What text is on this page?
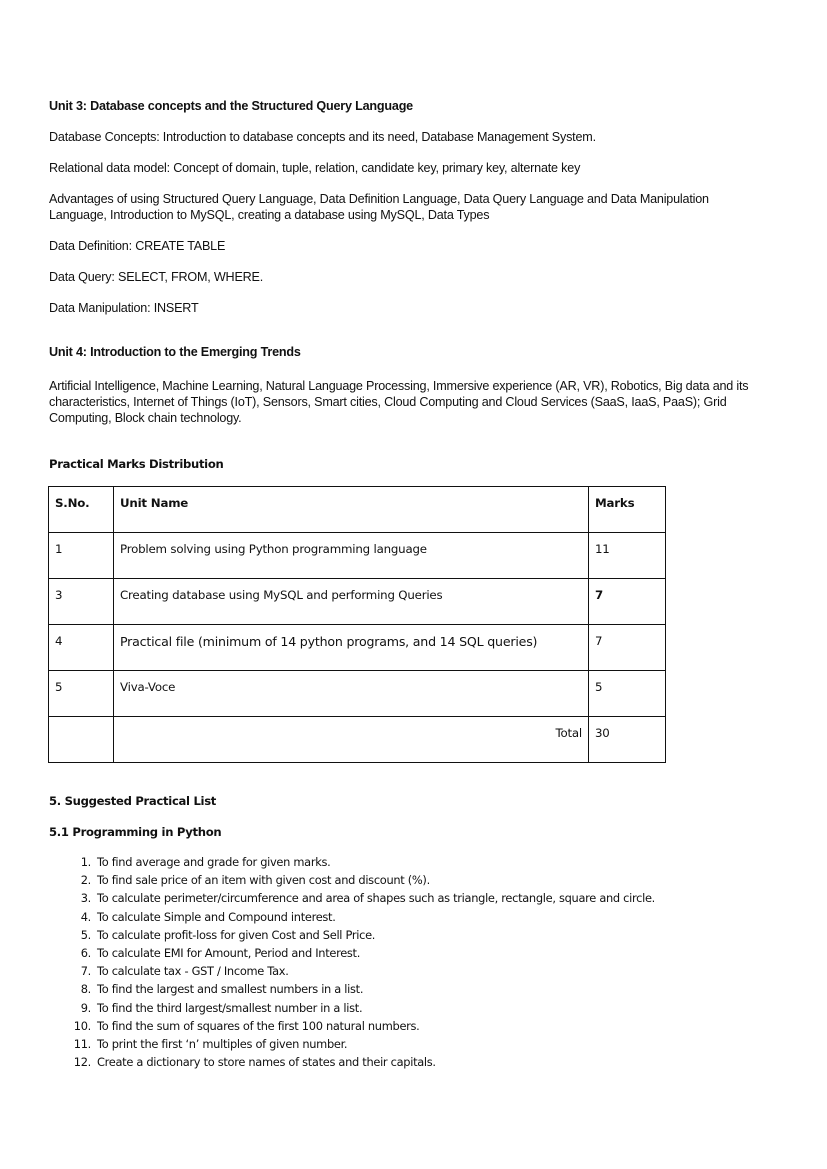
Unit 3: Database concepts and the Structured Query Language
Database Concepts: Introduction to database concepts and its need, Database Management System.
Relational data model: Concept of domain, tuple, relation, candidate key, primary key, alternate key
Advantages of using Structured Query Language, Data Definition Language, Data Query Language and Data Manipulation Language, Introduction to MySQL, creating a database using MySQL, Data Types
Data Definition: CREATE TABLE
Data Query: SELECT, FROM, WHERE.
Data Manipulation: INSERT
Unit 4: Introduction to the Emerging Trends
Artificial Intelligence, Machine Learning, Natural Language Processing, Immersive experience (AR, VR), Robotics, Big data and its characteristics, Internet of Things (IoT), Sensors, Smart cities, Cloud Computing and Cloud Services (SaaS, IaaS, PaaS); Grid Computing, Block chain technology.
Practical Marks Distribution
S.No.	Unit Name	Marks
1	Problem solving using Python programming language	11
3	Creating database using MySQL and performing Queries	7
4	Practical file (minimum of 14 python programs, and 14 SQL queries)	7
5	Viva-Voce	5
	Total	30
5. Suggested Practical List
5.1 Programming in Python
1. To find average and grade for given marks.
2. To find sale price of an item with given cost and discount (%).
3. To calculate perimeter/circumference and area of shapes such as triangle, rectangle, square and circle.
4. To calculate Simple and Compound interest.
5. To calculate profit-loss for given Cost and Sell Price.
6. To calculate EMI for Amount, Period and Interest.
7. To calculate tax - GST / Income Tax.
8. To find the largest and smallest numbers in a list.
9. To find the third largest/smallest number in a list.
10. To find the sum of squares of the first 100 natural numbers.
11. To print the first ‘n’ multiples of given number.
12. Create a dictionary to store names of states and their capitals.
